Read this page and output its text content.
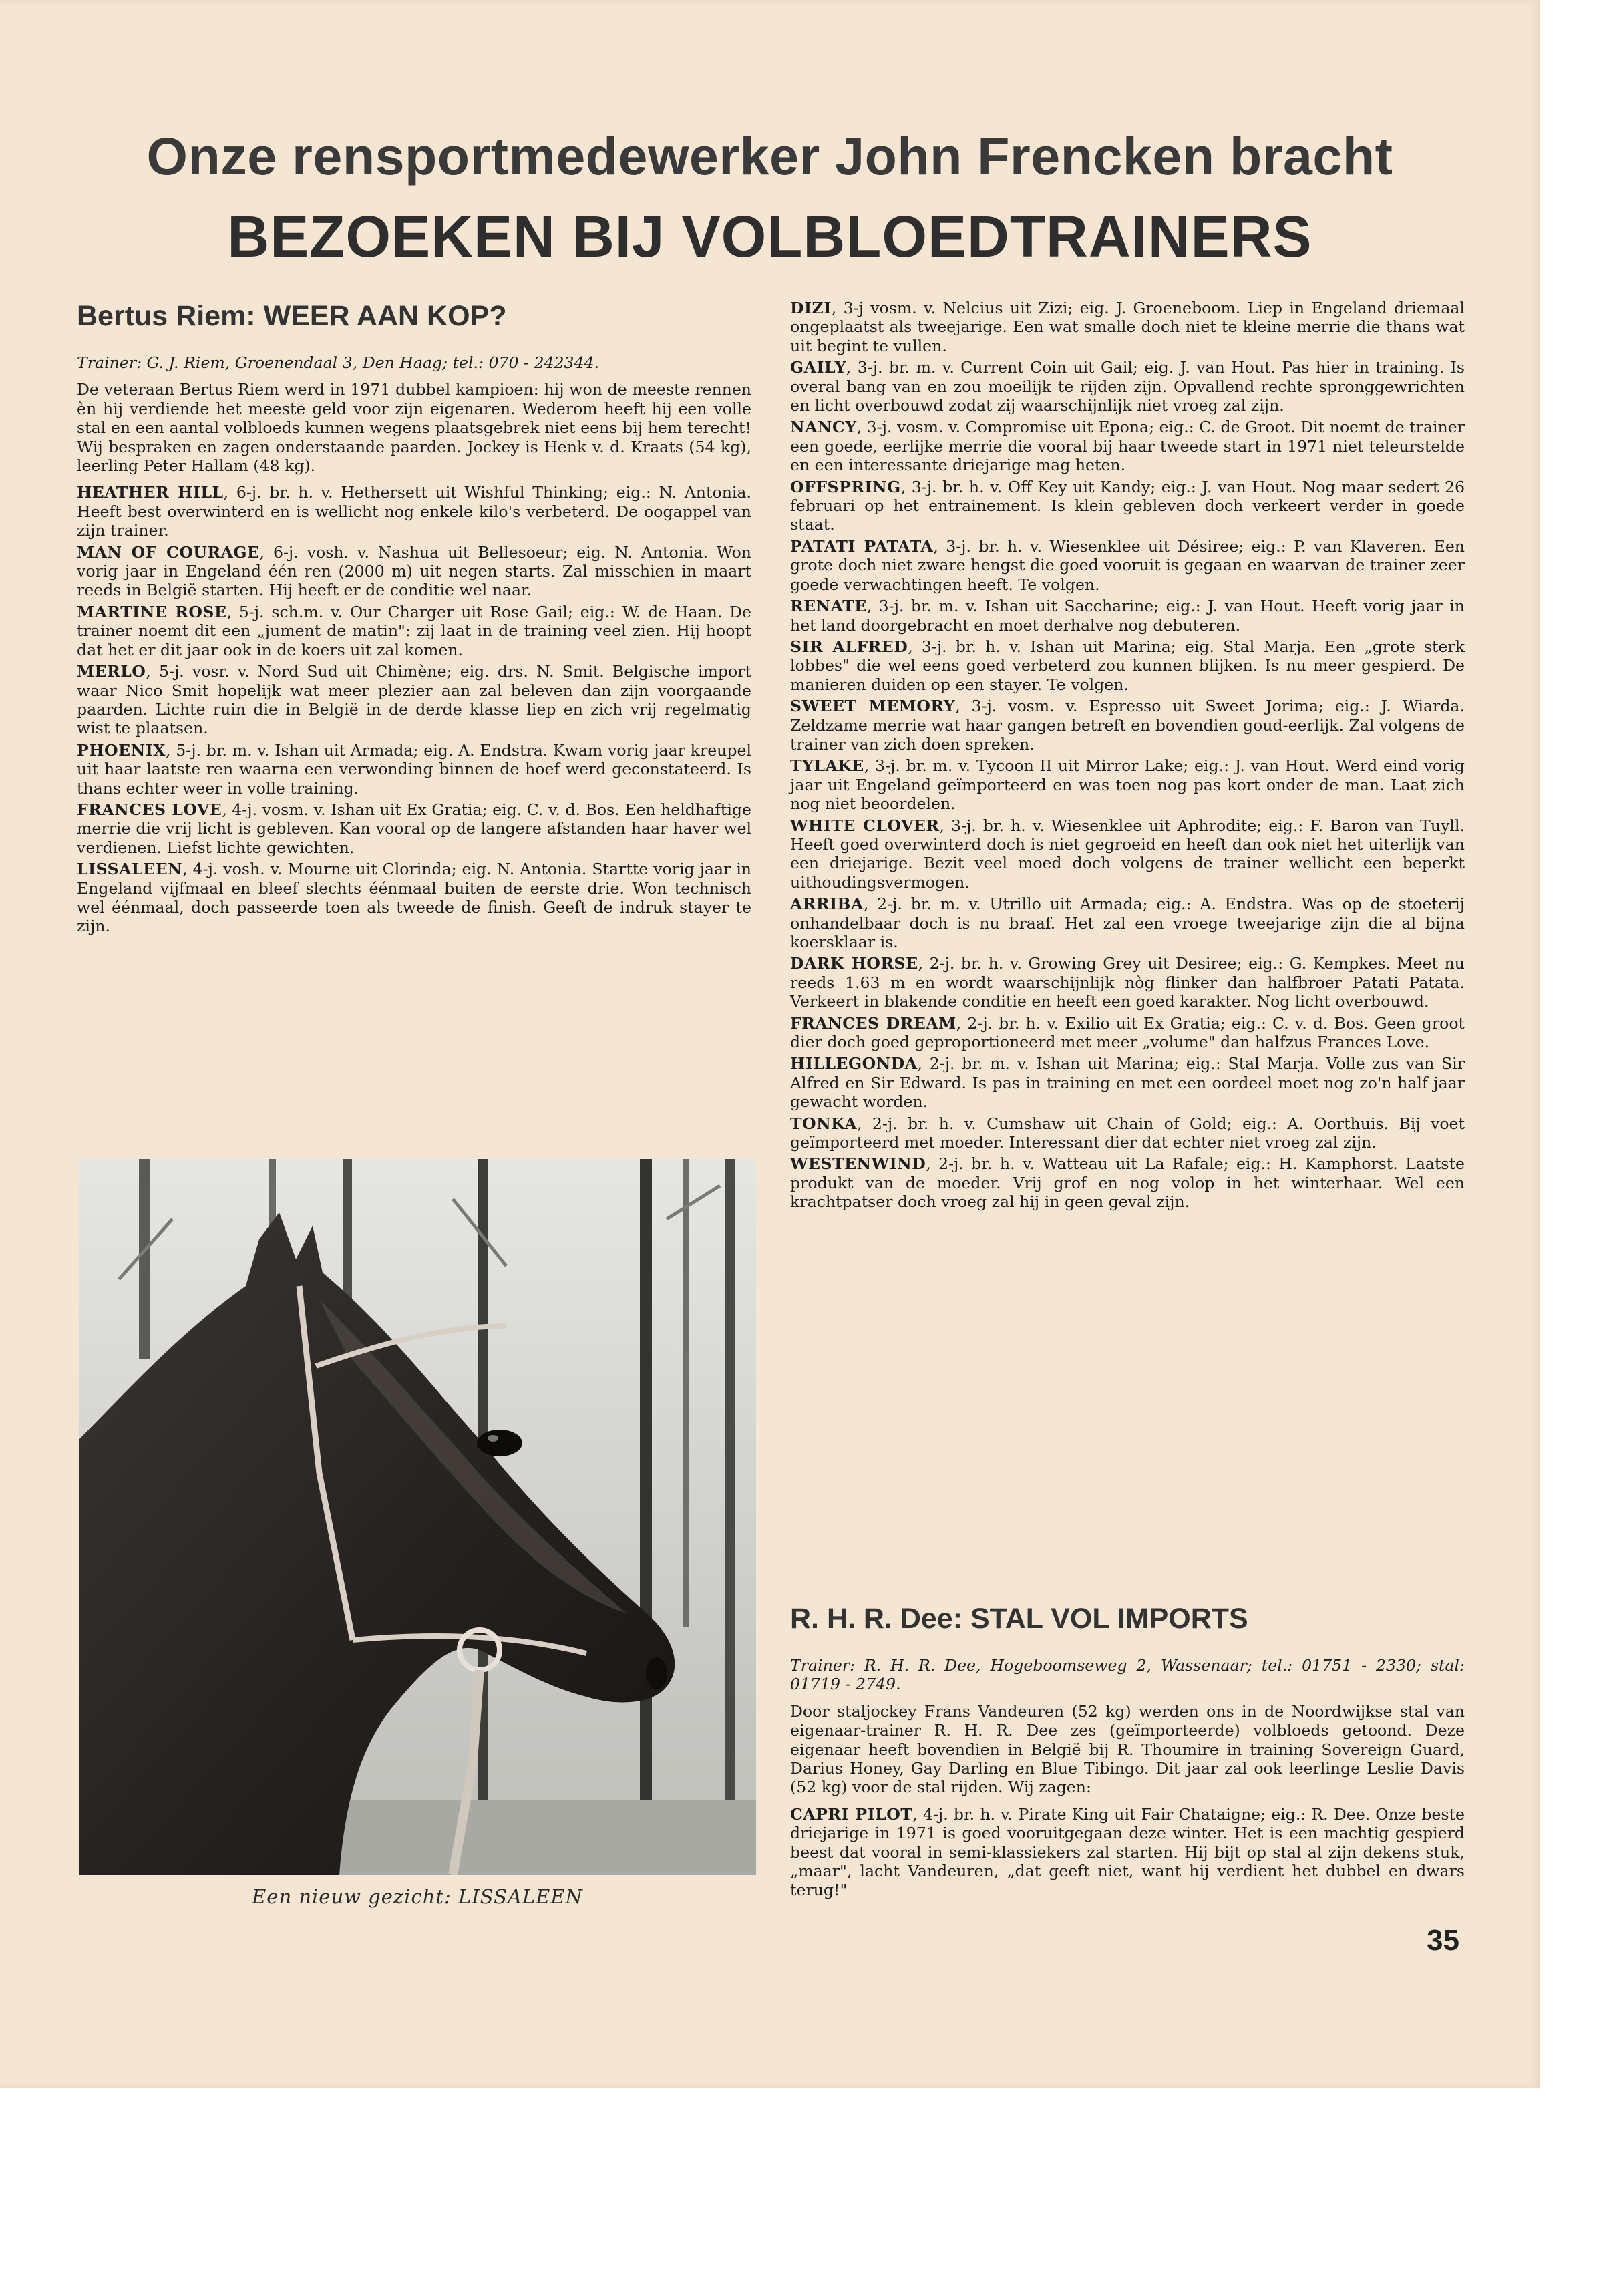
Onze rensportmedewerker John Frencken bracht
BEZOEKEN BIJ VOLBLOEDTRAINERS
Bertus Riem: WEER AAN KOP?
Trainer: G. J. Riem, Groenendaal 3, Den Haag; tel.: 070 - 242344.
De veteraan Bertus Riem werd in 1971 dubbel kampioen: hij won de meeste rennen èn hij verdiende het meeste geld voor zijn eigenaren. Wederom heeft hij een volle stal en een aantal volbloeds kunnen wegens plaatsgebrek niet eens bij hem terecht! Wij bespraken en zagen onderstaande paarden. Jockey is Henk v. d. Kraats (54 kg), leerling Peter Hallam (48 kg).
HEATHER HILL, 6-j. br. h. v. Hethersett uit Wishful Thinking; eig.: N. Antonia. Heeft best overwinterd en is wellicht nog enkele kilo's verbeterd. De oogappel van zijn trainer.
MAN OF COURAGE, 6-j. vosh. v. Nashua uit Bellesoeur; eig. N. Antonia. Won vorig jaar in Engeland één ren (2000 m) uit negen starts. Zal misschien in maart reeds in België starten. Hij heeft er de conditie wel naar.
MARTINE ROSE, 5-j. sch.m. v. Our Charger uit Rose Gail; eig.: W. de Haan. De trainer noemt dit een „jument de matin": zij laat in de training veel zien. Hij hoopt dat het er dit jaar ook in de koers uit zal komen.
MERLO, 5-j. vosr. v. Nord Sud uit Chimène; eig. drs. N. Smit. Belgische import waar Nico Smit hopelijk wat meer plezier aan zal beleven dan zijn voorgaande paarden. Lichte ruin die in België in de derde klasse liep en zich vrij regelmatig wist te plaatsen.
PHOENIX, 5-j. br. m. v. Ishan uit Armada; eig. A. Endstra. Kwam vorig jaar kreupel uit haar laatste ren waarna een verwonding binnen de hoef werd geconstateerd. Is thans echter weer in volle training.
FRANCES LOVE, 4-j. vosm. v. Ishan uit Ex Gratia; eig. C. v. d. Bos. Een heldhaftige merrie die vrij licht is gebleven. Kan vooral op de langere afstanden haar haver wel verdienen. Liefst lichte gewichten.
LISSALEEN, 4-j. vosh. v. Mourne uit Clorinda; eig. N. Antonia. Startte vorig jaar in Engeland vijfmaal en bleef slechts éénmaal buiten de eerste drie. Won technisch wel éénmaal, doch passeerde toen als tweede de finish. Geeft de indruk stayer te zijn.
Een nieuw gezicht: LISSALEEN
DIZI, 3-j vosm. v. Nelcius uit Zizi; eig. J. Groeneboom. Liep in Engeland driemaal ongeplaatst als tweejarige. Een wat smalle doch niet te kleine merrie die thans wat uit begint te vullen.
GAILY, 3-j. br. m. v. Current Coin uit Gail; eig. J. van Hout. Pas hier in training. Is overal bang van en zou moeilijk te rijden zijn. Opvallend rechte spronggewrichten en licht overbouwd zodat zij waarschijnlijk niet vroeg zal zijn.
NANCY, 3-j. vosm. v. Compromise uit Epona; eig.: C. de Groot. Dit noemt de trainer een goede, eerlijke merrie die vooral bij haar tweede start in 1971 niet teleurstelde en een interessante driejarige mag heten.
OFFSPRING, 3-j. br. h. v. Off Key uit Kandy; eig.: J. van Hout. Nog maar sedert 26 februari op het entrainement. Is klein gebleven doch verkeert verder in goede staat.
PATATI PATATA, 3-j. br. h. v. Wiesenklee uit Désiree; eig.: P. van Klaveren. Een grote doch niet zware hengst die goed vooruit is gegaan en waarvan de trainer zeer goede verwachtingen heeft. Te volgen.
RENATE, 3-j. br. m. v. Ishan uit Saccharine; eig.: J. van Hout. Heeft vorig jaar in het land doorgebracht en moet derhalve nog debuteren.
SIR ALFRED, 3-j. br. h. v. Ishan uit Marina; eig. Stal Marja. Een „grote sterk lobbes" die wel eens goed verbeterd zou kunnen blijken. Is nu meer gespierd. De manieren duiden op een stayer. Te volgen.
SWEET MEMORY, 3-j. vosm. v. Espresso uit Sweet Jorima; eig.: J. Wiarda. Zeldzame merrie wat haar gangen betreft en bovendien goud-eerlijk. Zal volgens de trainer van zich doen spreken.
TYLAKE, 3-j. br. m. v. Tycoon II uit Mirror Lake; eig.: J. van Hout. Werd eind vorig jaar uit Engeland geïmporteerd en was toen nog pas kort onder de man. Laat zich nog niet beoordelen.
WHITE CLOVER, 3-j. br. h. v. Wiesenklee uit Aphrodite; eig.: F. Baron van Tuyll. Heeft goed overwinterd doch is niet gegroeid en heeft dan ook niet het uiterlijk van een driejarige. Bezit veel moed doch volgens de trainer wellicht een beperkt uithoudingsvermogen.
ARRIBA, 2-j. br. m. v. Utrillo uit Armada; eig.: A. Endstra. Was op de stoeterij onhandelbaar doch is nu braaf. Het zal een vroege tweejarige zijn die al bijna koersklaar is.
DARK HORSE, 2-j. br. h. v. Growing Grey uit Desiree; eig.: G. Kempkes. Meet nu reeds 1.63 m en wordt waarschijnlijk nòg flinker dan halfbroer Patati Patata. Verkeert in blakende conditie en heeft een goed karakter. Nog licht overbouwd.
FRANCES DREAM, 2-j. br. h. v. Exilio uit Ex Gratia; eig.: C. v. d. Bos. Geen groot dier doch goed geproportioneerd met meer „volume" dan halfzus Frances Love.
HILLEGONDA, 2-j. br. m. v. Ishan uit Marina; eig.: Stal Marja. Volle zus van Sir Alfred en Sir Edward. Is pas in training en met een oordeel moet nog zo'n half jaar gewacht worden.
TONKA, 2-j. br. h. v. Cumshaw uit Chain of Gold; eig.: A. Oorthuis. Bij voet geïmporteerd met moeder. Interessant dier dat echter niet vroeg zal zijn.
WESTENWIND, 2-j. br. h. v. Watteau uit La Rafale; eig.: H. Kamphorst. Laatste produkt van de moeder. Vrij grof en nog volop in het winterhaar. Wel een krachtpatser doch vroeg zal hij in geen geval zijn.
R. H. R. Dee: STAL VOL IMPORTS
Trainer: R. H. R. Dee, Hogeboomseweg 2, Wassenaar; tel.: 01751 - 2330; stal: 01719 - 2749.
Door staljockey Frans Vandeuren (52 kg) werden ons in de Noordwijkse stal van eigenaar-trainer R. H. R. Dee zes (geïmporteerde) volbloeds getoond. Deze eigenaar heeft bovendien in België bij R. Thoumire in training Sovereign Guard, Darius Honey, Gay Darling en Blue Tibingo. Dit jaar zal ook leerlinge Leslie Davis (52 kg) voor de stal rijden. Wij zagen:
CAPRI PILOT, 4-j. br. h. v. Pirate King uit Fair Chataigne; eig.: R. Dee. Onze beste driejarige in 1971 is goed vooruitgegaan deze winter. Het is een machtig gespierd beest dat vooral in semi-klassiekers zal starten. Hij bijt op stal al zijn dekens stuk, „maar", lacht Vandeuren, „dat geeft niet, want hij verdient het dubbel en dwars terug!"
35
